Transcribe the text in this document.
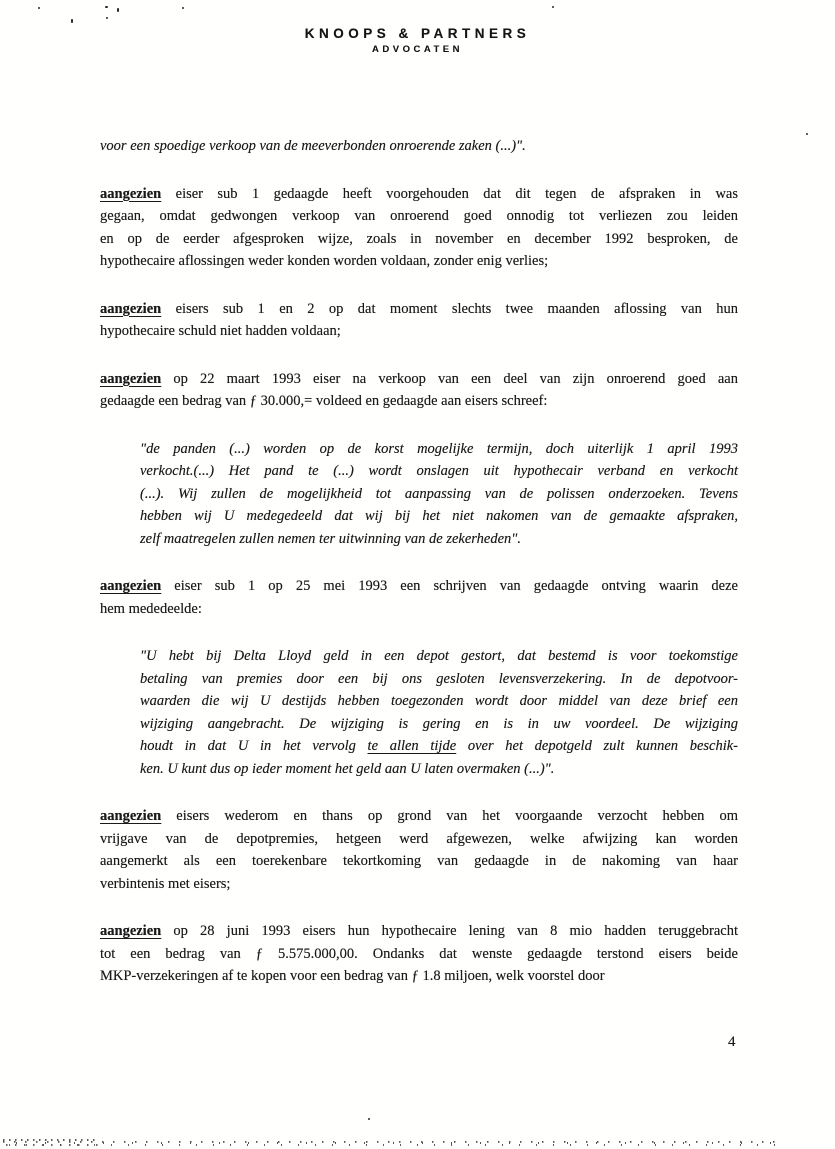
KNOOPS & PARTNERS
ADVOCATEN
voor een spoedige verkoop van de meeverbonden onroerende zaken (...)".
aangezien eiser sub 1 gedaagde heeft voorgehouden dat dit tegen de afspraken in was
gegaan, omdat gedwongen verkoop van onroerend goed onnodig tot verliezen zou leiden
en op de eerder afgesproken wijze, zoals in november en december 1992 besproken, de
hypothecaire aflossingen weder konden worden voldaan, zonder enig verlies;
aangezien eisers sub 1 en 2 op dat moment slechts twee maanden aflossing van hun
hypothecaire schuld niet hadden voldaan;
aangezien op 22 maart 1993 eiser na verkoop van een deel van zijn onroerend goed aan
gedaagde een bedrag van ƒ 30.000,= voldeed en gedaagde aan eisers schreef:
"de panden (...) worden op de korst mogelijke termijn, doch uiterlijk 1 april 1993
verkocht.(...) Het pand te (...) wordt onslagen uit hypothecair verband en verkocht
(...). Wij zullen de mogelijkheid tot aanpassing van de polissen onderzoeken. Tevens
hebben wij U medegedeeld dat wij bij het niet nakomen van de gemaakte afspraken,
zelf maatregelen zullen nemen ter uitwinning van de zekerheden".
aangezien eiser sub 1 op 25 mei 1993 een schrijven van gedaagde ontving waarin deze
hem mededeelde:
"U hebt bij Delta Lloyd geld in een depot gestort, dat bestemd is voor toekomstige
betaling van premies door een bij ons gesloten levensverzekering. In de depotvoor-
waarden die wij U destijds hebben toegezonden wordt door middel van deze brief een
wijziging aangebracht. De wijziging is gering en is in uw voordeel. De wijziging
houdt in dat U in het vervolg te allen tijde over het depotgeld zult kunnen beschik-
ken. U kunt dus op ieder moment het geld aan U laten overmaken (...)".
aangezien eisers wederom en thans op grond van het voorgaande verzocht hebben om
vrijgave van de depotpremies, hetgeen werd afgewezen, welke afwijzing kan worden
aangemerkt als een toerekenbare tekortkoming van gedaagde in de nakoming van haar
verbintenis met eisers;
aangezien op 28 juni 1993 eisers hun hypothecaire lening van 8 mio hadden teruggebracht
tot een bedrag van ƒ 5.575.000,00. Ondanks dat wenste gedaagde terstond eisers beide
MKP-verzekeringen af te kopen voor een bedrag van ƒ 1.8 miljoen, welk voorstel door
4
